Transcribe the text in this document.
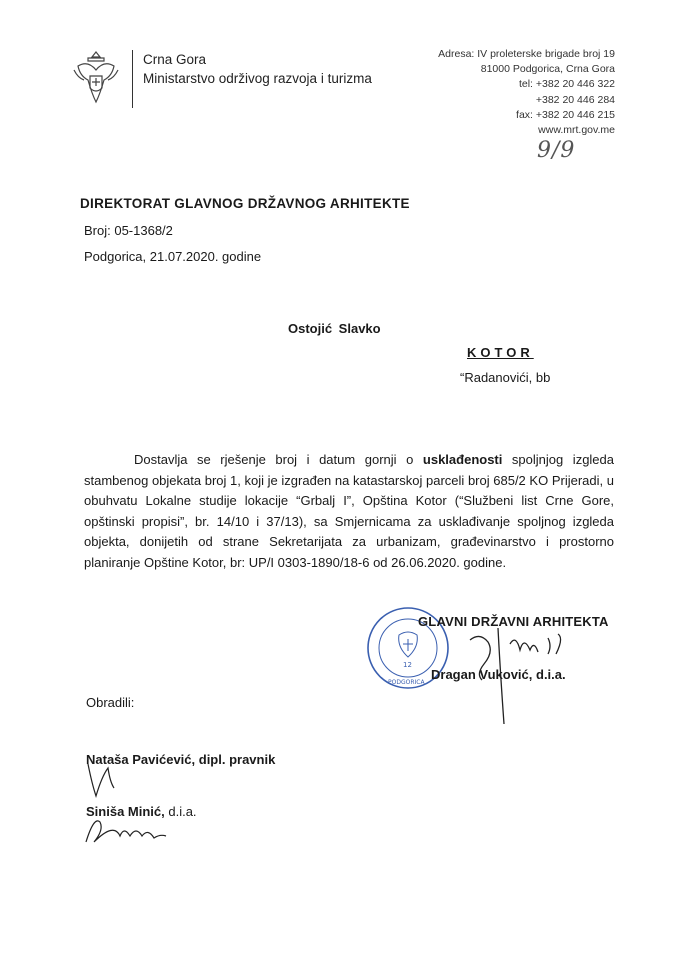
Crna Gora
Ministarstvo održivog razvoja i turizma
Adresa: IV proleterske brigade broj 19
81000 Podgorica, Crna Gora
tel: +382 20 446 322
+382 20 446 284
fax: +382 20 446 215
www.mrt.gov.me
9/9
DIREKTORAT GLAVNOG DRŽAVNOG ARHITEKTE
Broj: 05-1368/2
Podgorica, 21.07.2020. godine
Ostojić Slavko
KOTOR
“Radanovići, bb

Dostavlja se rješenje broj i datum gornji o usklađenosti spoljnjog izgleda stambenog objekata broj 1, koji je izgrađen na katastarskoj parceli broj 685/2 KO Prijeradi, u obuhvatu Lokalne studije lokacije “Grbalj I”, Opština Kotor (“Službeni list Crne Gore, opštinski propisi”, br. 14/10 i 37/13), sa Smjernicama za usklađivanje spoljnog izgleda objekta, donijetih od strane Sekretarijata za urbanizam, građevinarstvo i prostorno planiranje Opštine Kotor, br: UP/I 0303-1890/18-6 od 26.06.2020. godine.

12
PODGORICA
GLAVNI DRŽAVNI ARHITEKTA
Dragan Vuković, d.i.a.
Obradili:
Nataša Pavićević, dipl. pravnik
Siniša Minić, d.i.a.
